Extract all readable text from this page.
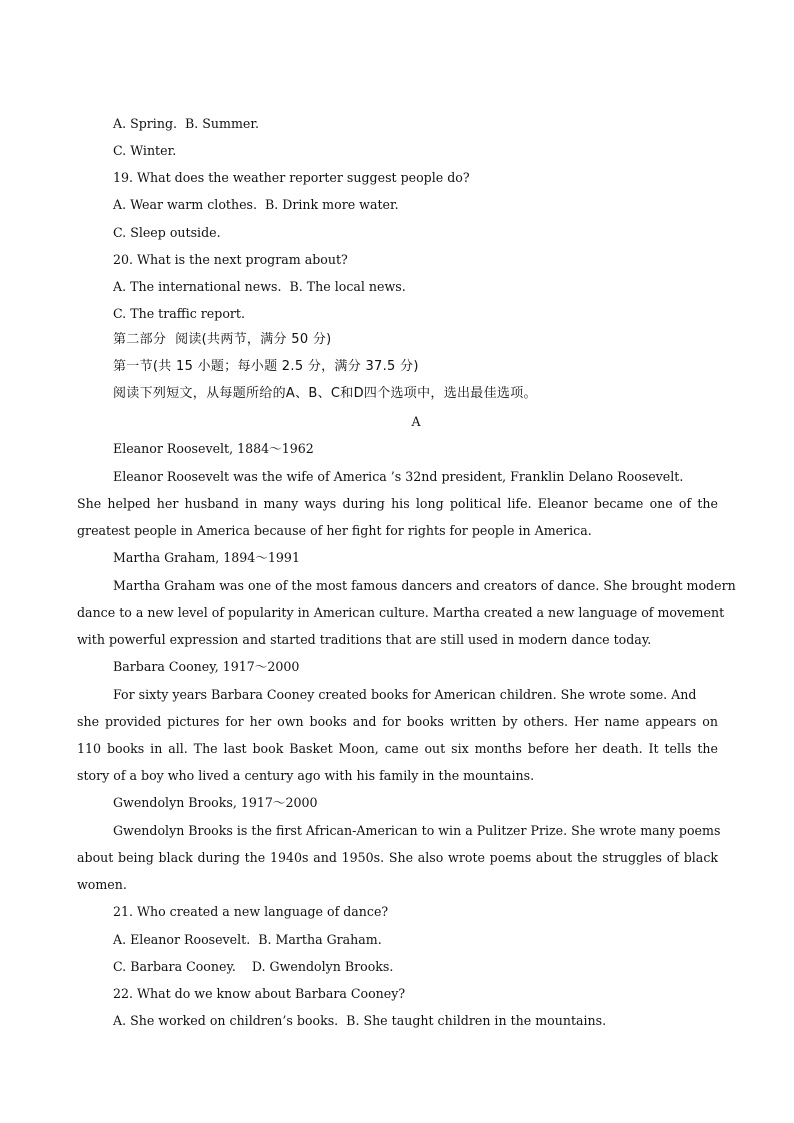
A. Spring.  B. Summer.
C. Winter.
19. What does the weather reporter suggest people do?
A. Wear warm clothes.  B. Drink more water.
C. Sleep outside.
20. What is the next program about?
A. The international news.  B. The local news.
C. The traffic report.
第二部分  阅读(共两节，满分 50 分)
第一节(共 15 小题；每小题 2.5 分，满分 37.5 分)
阅读下列短文，从每题所给的A、B、C和D四个选项中，选出最佳选项。
A
Eleanor Roosevelt, 1884～1962
Eleanor Roosevelt was the wife of America ’s 32nd president, Franklin Delano Roosevelt.
She helped her husband in many ways during his long political life. Eleanor became one of the
greatest people in America because of her fight for rights for people in America.
Martha Graham, 1894～1991
Martha Graham was one of the most famous dancers and creators of dance. She brought modern
dance to a new level of popularity in American culture. Martha created a new language of movement
with powerful expression and started traditions that are still used in modern dance today.
Barbara Cooney, 1917～2000
For sixty years Barbara Cooney created books for American children. She wrote some. And
she provided pictures for her own books and for books written by others. Her name appears on
110 books in all. The last book Basket Moon, came out six months before her death. It tells the
story of a boy who lived a century ago with his family in the mountains.
Gwendolyn Brooks, 1917～2000
Gwendolyn Brooks is the first African-American to win a Pulitzer Prize. She wrote many poems
about being black during the 1940s and 1950s. She also wrote poems about the struggles of black
women.
21. Who created a new language of dance?
A. Eleanor Roosevelt.  B. Martha Graham.
C. Barbara Cooney.    D. Gwendolyn Brooks.
22. What do we know about Barbara Cooney?
A. She worked on children’s books.  B. She taught children in the mountains.
